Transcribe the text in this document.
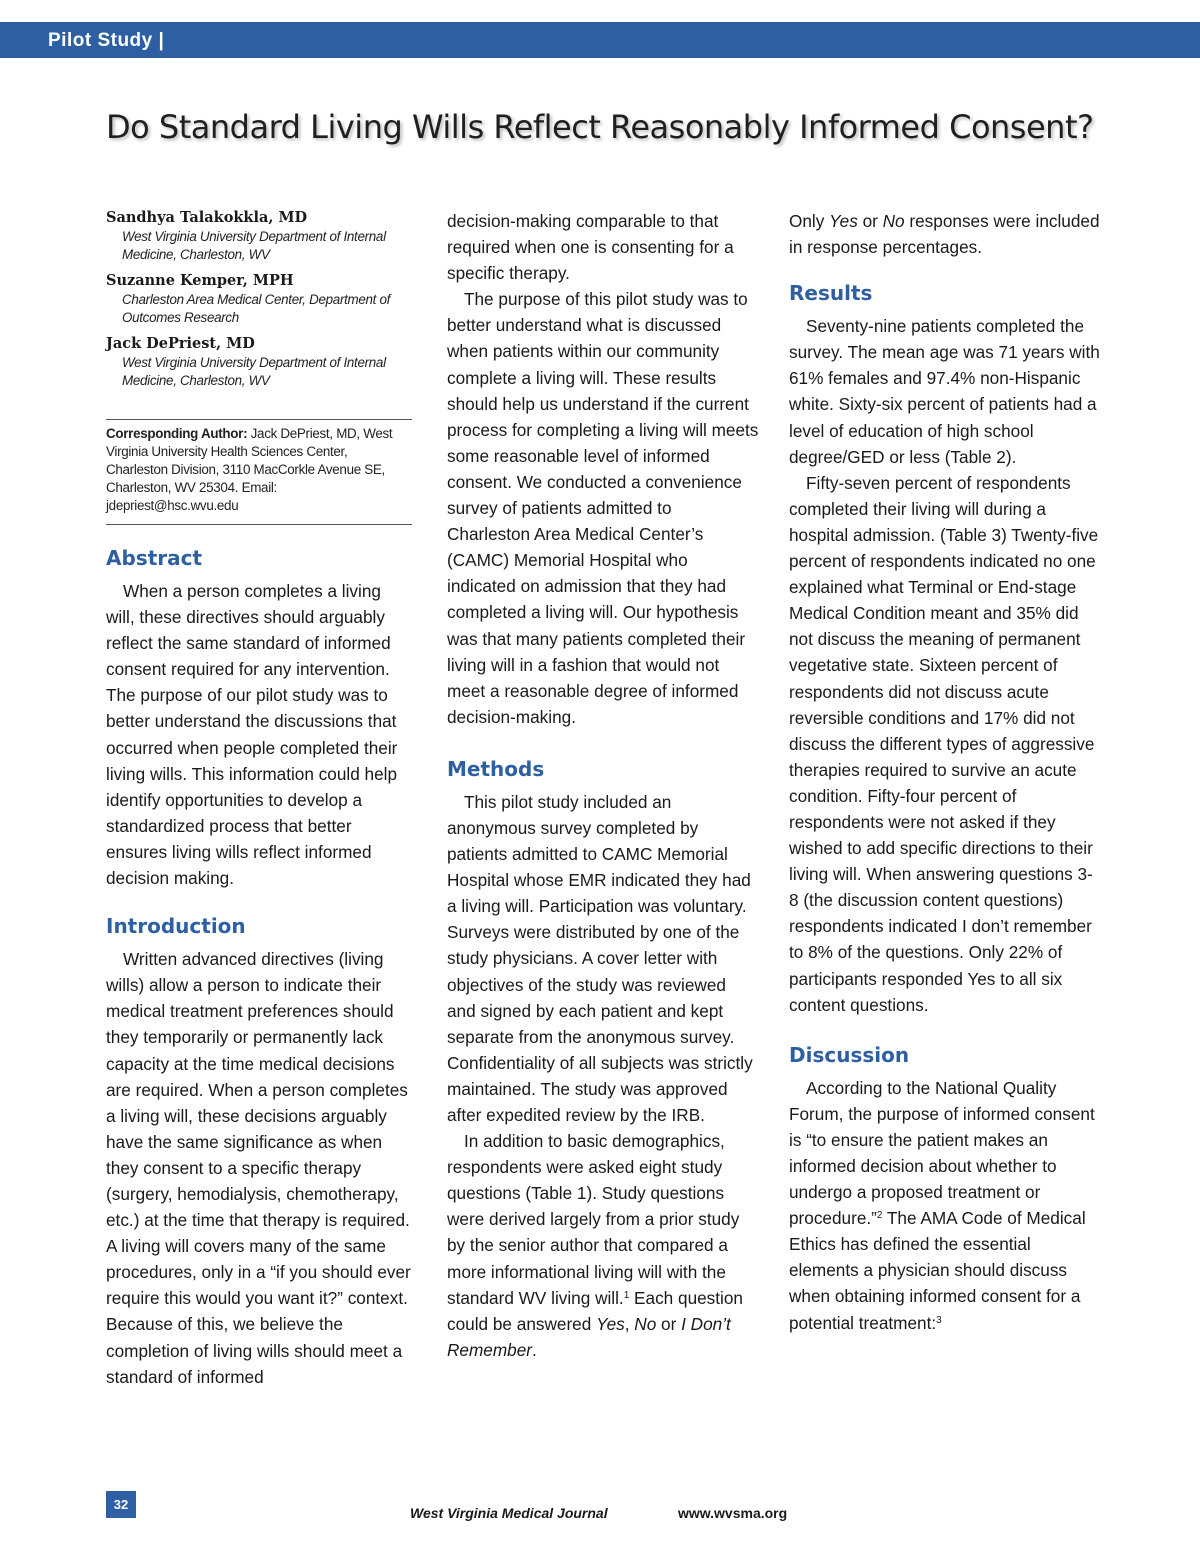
Pilot Study |
Do Standard Living Wills Reflect Reasonably Informed Consent?

Sandhya Talakokkla, MD

West Virginia University Department of Internal Medicine, Charleston, WV

Suzanne Kemper, MPH

Charleston Area Medical Center, Department of Outcomes Research

Jack DePriest, MD

West Virginia University Department of Internal Medicine, Charleston, WV

Corresponding Author: Jack DePriest, MD, West Virginia University Health Sciences Center, Charleston Division, 3110 MacCorkle Avenue SE, Charleston, WV 25304. Email: jdepriest@hsc.wvu.edu

Abstract

When a person completes a living will, these directives should arguably reflect the same standard of informed consent required for any intervention. The purpose of our pilot study was to better understand the discussions that occurred when people completed their living wills. This information could help identify opportunities to develop a standardized process that better ensures living wills reflect informed decision making.

Introduction

Written advanced directives (living wills) allow a person to indicate their medical treatment preferences should they temporarily or permanently lack capacity at the time medical decisions are required. When a person completes a living will, these decisions arguably have the same significance as when they consent to a specific therapy (surgery, hemodialysis, chemotherapy, etc.) at the time that therapy is required. A living will covers many of the same procedures, only in a “if you should ever require this would you want it?” context. Because of this, we believe the completion of living wills should meet a standard of informed

decision-making comparable to that required when one is consenting for a specific therapy.

The purpose of this pilot study was to better understand what is discussed when patients within our community complete a living will. These results should help us understand if the current process for completing a living will meets some reasonable level of informed consent. We conducted a convenience survey of patients admitted to Charleston Area Medical Center’s (CAMC) Memorial Hospital who indicated on admission that they had completed a living will. Our hypothesis was that many patients completed their living will in a fashion that would not meet a reasonable degree of informed decision-making.

Methods

This pilot study included an anonymous survey completed by patients admitted to CAMC Memorial Hospital whose EMR indicated they had a living will. Participation was voluntary. Surveys were distributed by one of the study physicians. A cover letter with objectives of the study was reviewed and signed by each patient and kept separate from the anonymous survey. Confidentiality of all subjects was strictly maintained. The study was approved after expedited review by the IRB.

In addition to basic demographics, respondents were asked eight study questions (Table 1). Study questions were derived largely from a prior study by the senior author that compared a more informational living will with the standard WV living will.$^1$ Each question could be answered Yes, No or I Don’t Remember.

Only Yes or No responses were included in response percentages.

Results

Seventy-nine patients completed the survey. The mean age was 71 years with 61% females and 97.4% non-Hispanic white. Sixty-six percent of patients had a level of education of high school degree/GED or less (Table 2).

Fifty-seven percent of respondents completed their living will during a hospital admission. (Table 3) Twenty-five percent of respondents indicated no one explained what Terminal or End-stage Medical Condition meant and 35% did not discuss the meaning of permanent vegetative state. Sixteen percent of respondents did not discuss acute reversible conditions and 17% did not discuss the different types of aggressive therapies required to survive an acute condition. Fifty-four percent of respondents were not asked if they wished to add specific directions to their living will. When answering questions 3-8 (the discussion content questions) respondents indicated I don’t remember to 8% of the questions. Only 22% of participants responded Yes to all six content questions.

Discussion

According to the National Quality Forum, the purpose of informed consent is “to ensure the patient makes an informed decision about whether to undergo a proposed treatment or procedure.”$^2$ The AMA Code of Medical Ethics has defined the essential elements a physician should discuss when obtaining informed consent for a potential treatment:$^3$

32
West Virginia Medical Journal	www.wvsma.org
